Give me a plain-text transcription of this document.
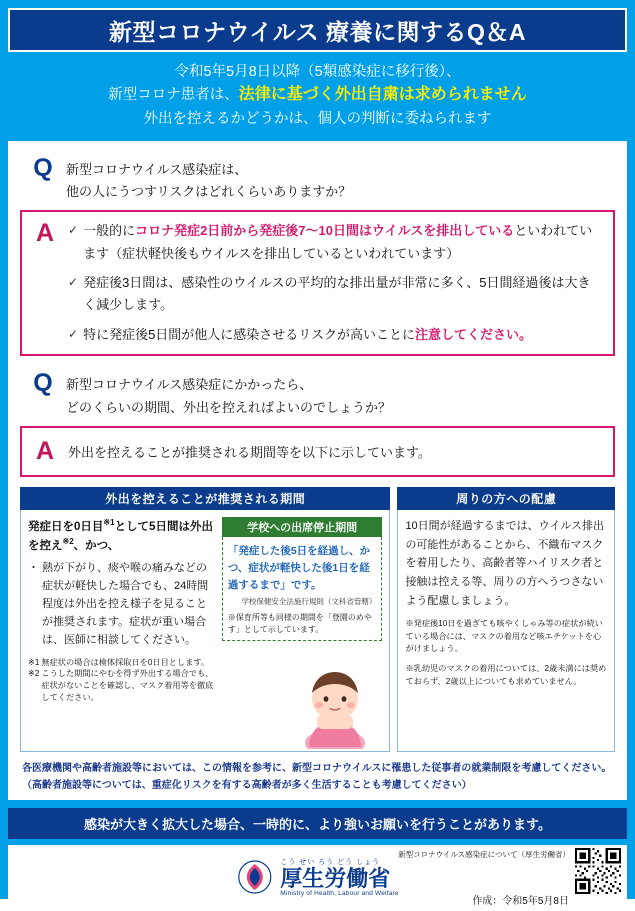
新型コロナウイルス 療養に関するQ＆A
令和5年5月8日以降（5類感染症に移行後）、
新型コロナ患者は、法律に基づく外出自粛は求められません
外出を控えるかどうかは、個人の判断に委ねられます
Q	新型コロナウイルス感染症は、
他の人にうつすリスクはどれくらいありますか？
A	✓ 一般的にコロナ発症2日前から発症後7～10日間はウイルスを排出しているといわれています（症状軽快後もウイルスを排出しているといわれています）
✓ 発症後3日間は、感染性のウイルスの平均的な排出量が非常に多く、5日間経過後は大きく減少します。
✓ 特に発症後5日間が他人に感染させるリスクが高いことに注意してください。
Q	新型コロナウイルス感染症にかかったら、
どのくらいの期間、外出を控えればよいのでしょうか？
A	外出を控えることが推奨される期間等を以下に示しています。
外出を控えることが推奨される期間
発症日を0日目$^{※1}$として5日間は外出を控え$^{※2}$、かつ、
・ 熱が下がり、痰や喉の痛みなどの症状が軽快した場合でも、24時間程度は外出を控え様子を見ることが推奨されます。症状が重い場合は、医師に相談してください。
※1 無症状の場合は検体採取日を0日目とします。
※2 こうした期間にやむを得ず外出する場合でも、症状がないことを確認し、マスク着用等を徹底してください。
学校への出席停止期間
「発症した後5日を経過し、かつ、症状が軽快した後1日を経過するまで」です。
学校保健安全法施行規則（文科省管轄）
※保育所等も同様の期間を「登園のめやす」として示しています。
周りの方への配慮
10日間が経過するまでは、ウイルス排出の可能性があることから、不織布マスクを着用したり、高齢者等ハイリスク者と接触は控える等、周りの方へうつさないよう配慮しましょう。
※発症後10日を過ぎても咳やくしゃみ等の症状が続いている場合には、マスクの着用など咳エチケットを心がけましょう。
※乳幼児のマスクの着用については、2歳未満には奨めておらず、2歳以上についても求めていません。
各医療機関や高齢者施設等においては、この情報を参考に、新型コロナウイルスに罹患した従事者の就業制限を考慮してください。（高齢者施設等については、重症化リスクを有する高齢者が多く生活することも考慮してください）
感染が大きく拡大した場合、一時的に、より強いお願いを行うことがあります。
こう せい ろう どう しょう
厚生労働省
Ministry of Health, Labour and Welfare
新型コロナウイルス感染症について（厚生労働省）
作成：令和5年5月8日
